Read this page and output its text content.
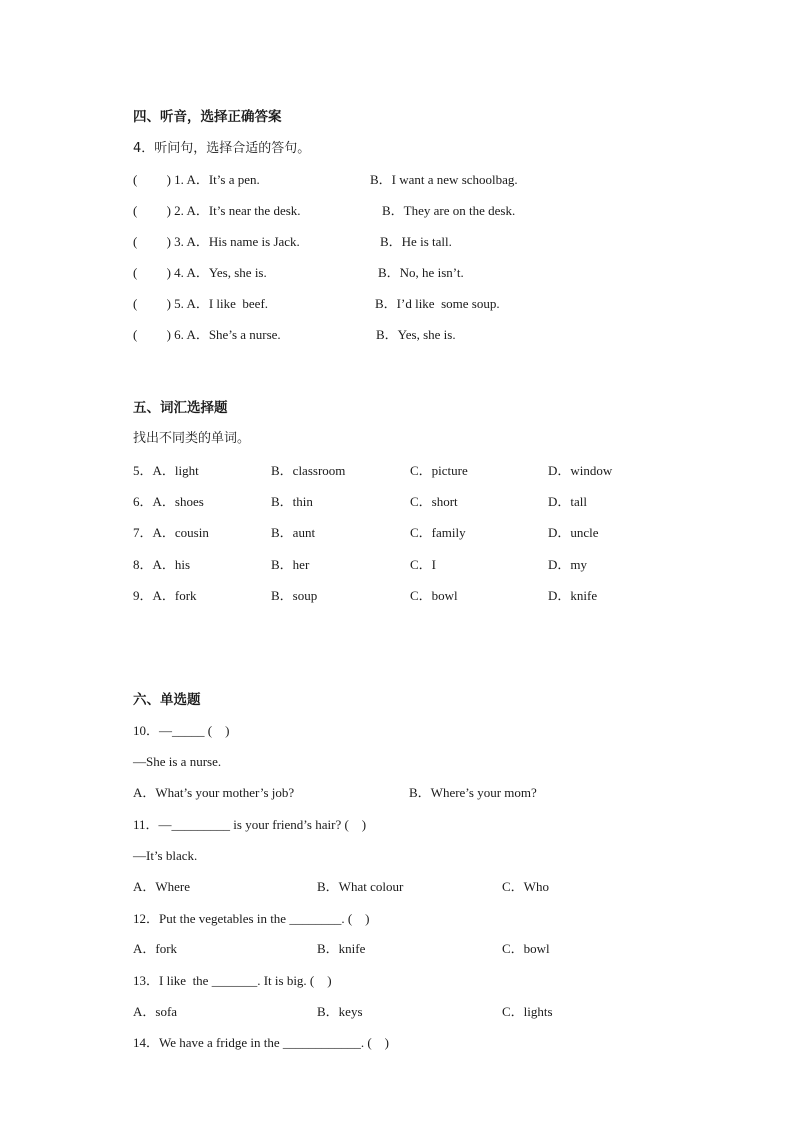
四、听音，选择正确答案
4．听问句，选择合适的答句。
(         ) 1. A．It’s a pen.	B．I want a new schoolbag.
(         ) 2. A．It’s near the desk.	B．They are on the desk.
(         ) 3. A．His name is Jack.	B．He is tall.
(         ) 4. A．Yes, she is.	B．No, he isn’t.
(         ) 5. A．I like  beef.	B．I’d like  some soup.
(         ) 6. A．She’s a nurse.	B．Yes, she is.
五、词汇选择题
找出不同类的单词。
5．A．light	B．classroom	C．picture	D．window
6．A．shoes	B．thin	C．short	D．tall
7．A．cousin	B．aunt	C．family	D．uncle
8．A．his	B．her	C．I	D．my
9．A．fork	B．soup	C．bowl	D．knife
六、单选题
10．—_____ (    )
—She is a nurse.
A．What’s your mother’s job?	B．Where’s your mom?
11．—_________ is your friend’s hair? (    )
—It’s black.
A．Where	B．What colour	C．Who
12．Put the vegetables in the ________. (    )
A．fork	B．knife	C．bowl
13．I like  the _______. It is big. (    )
A．sofa	B．keys	C．lights
14．We have a fridge in the ____________. (    )
